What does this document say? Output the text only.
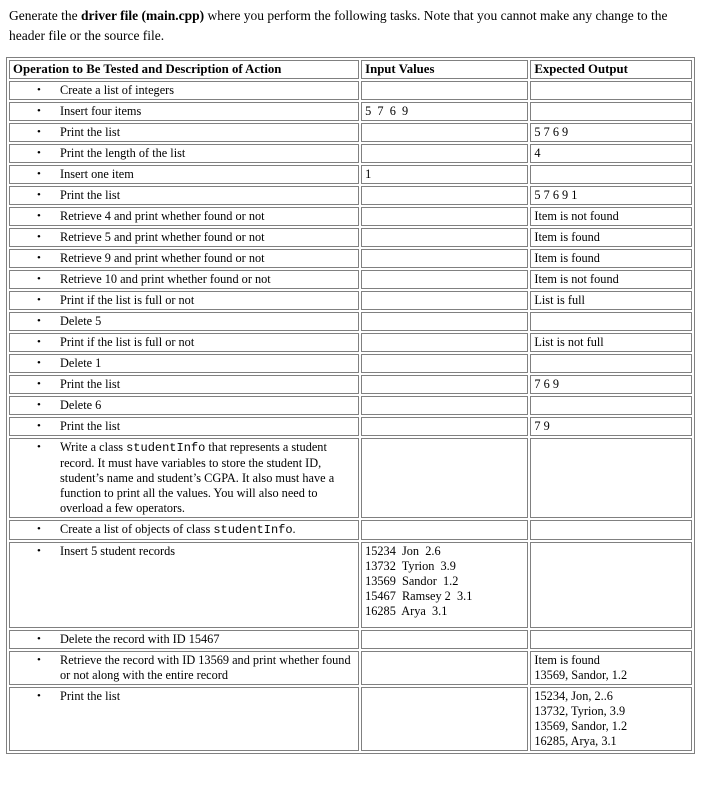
Generate the driver file (main.cpp) where you perform the following tasks. Note that you cannot make any change to the header file or the source file.
Operation to Be Tested and Description of Action	Input Values	Expected Output

• Create a list of integers		

• Insert four items	5  7  6  9	

• Print the list		5 7 6 9

• Print the length of the list		4

• Insert one item	1	

• Print the list		5 7 6 9 1

• Retrieve 4 and print whether found or not		Item is not found

• Retrieve 5 and print whether found or not		Item is found

• Retrieve 9 and print whether found or not		Item is found

• Retrieve 10 and print whether found or not		Item is not found

• Print if the list is full or not		List is full

• Delete 5		

• Print if the list is full or not		List is not full

• Delete 1		

• Print the list		7 6 9

• Delete 6		

• Print the list		7 9

• Write a class studentInfo that represents a student record. It must have variables to store the student ID, student’s name and student’s CGPA. It also must have a function to print all the values. You will also need to overload a few operators.		

• Create a list of objects of class studentInfo.		

• Insert 5 student records	15234  Jon  2.6
13732  Tyrion  3.9
13569  Sandor  1.2
15467  Ramsey 2  3.1
16285  Arya  3.1	

• Delete the record with ID 15467		

• Retrieve the record with ID 13569 and print whether found or not along with the entire record		Item is found
13569, Sandor, 1.2

• Print the list		15234, Jon, 2..6
13732, Tyrion, 3.9
13569, Sandor, 1.2
16285, Arya, 3.1
